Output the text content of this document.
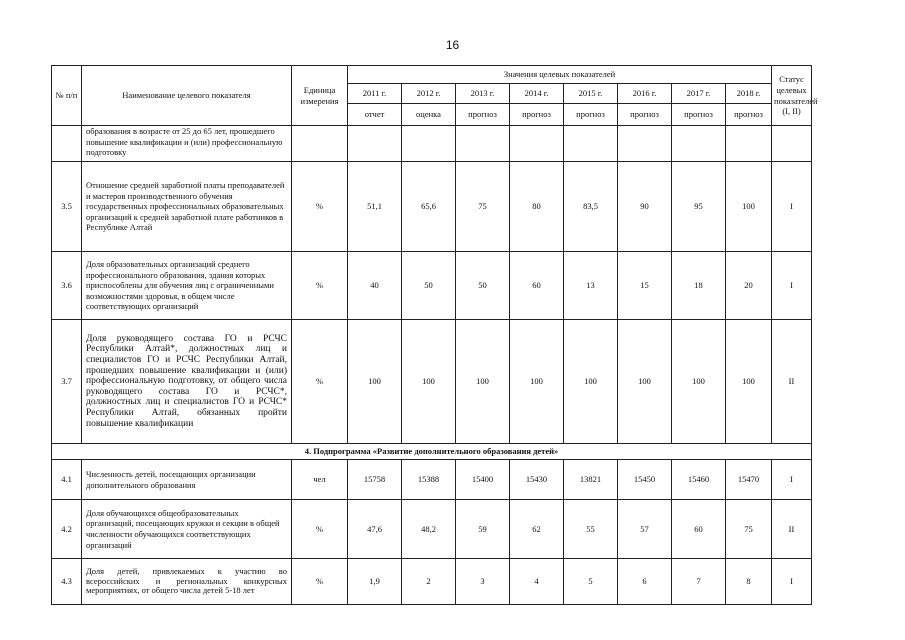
16
№ п/п	Наименование целевого показателя	Единица измерения	Значения целевых показателей								Статус целевых показателей (I, II)
			2011 г.	2012 г.	2013 г.	2014 г.	2015 г.	2016 г.	2017 г.	2018 г.	
			отчет	оценка	прогноз	прогноз	прогноз	прогноз	прогноз	прогноз	
	образования в возрасте от 25 до 65 лет, прошедшего повышение квалификации и (или) профессиональную подготовку										
3.5	Отношение средней заработной платы преподавателей и мастеров производственного обучения государственных профессиональных образовательных организаций к средней заработной плате работников в Республике Алтай	%	51,1	65,6	75	80	83,5	90	95	100	I
3.6	Доля образовательных организаций среднего профессионального образования, здания которых приспособлены для обучения лиц с ограниченными возможностями здоровья, в общем числе соответствующих организаций	%	40	50	50	60	13	15	18	20	I
3.7	Доля руководящего состава ГО и РСЧС Республики Алтай*, должностных лиц и специалистов ГО и РСЧС Республики Алтай, прошедших повышение квалификации и (или) профессиональную подготовку, от общего числа руководящего состава ГО и РСЧС*, должностных лиц и специалистов ГО и РСЧС* Республики Алтай, обязанных пройти повышение квалификации	%	100	100	100	100	100	100	100	100	II
4. Подпрограмма «Развитие дополнительного образования детей»											
4.1	Численность детей, посещающих организации дополнительного образования	чел	15758	15388	15400	15430	13821	15450	15460	15470	I
4.2	Доля обучающихся общеобразовательных организаций, посещающих кружки и секции в общей численности обучающихся соответствующих организаций	%	47,6	48,2	59	62	55	57	60	75	II
4.3	Доля детей, привлекаемых к участию во всероссийских и региональных конкурсных мероприятиях, от общего числа детей 5-18 лет	%	1,9	2	3	4	5	6	7	8	I
